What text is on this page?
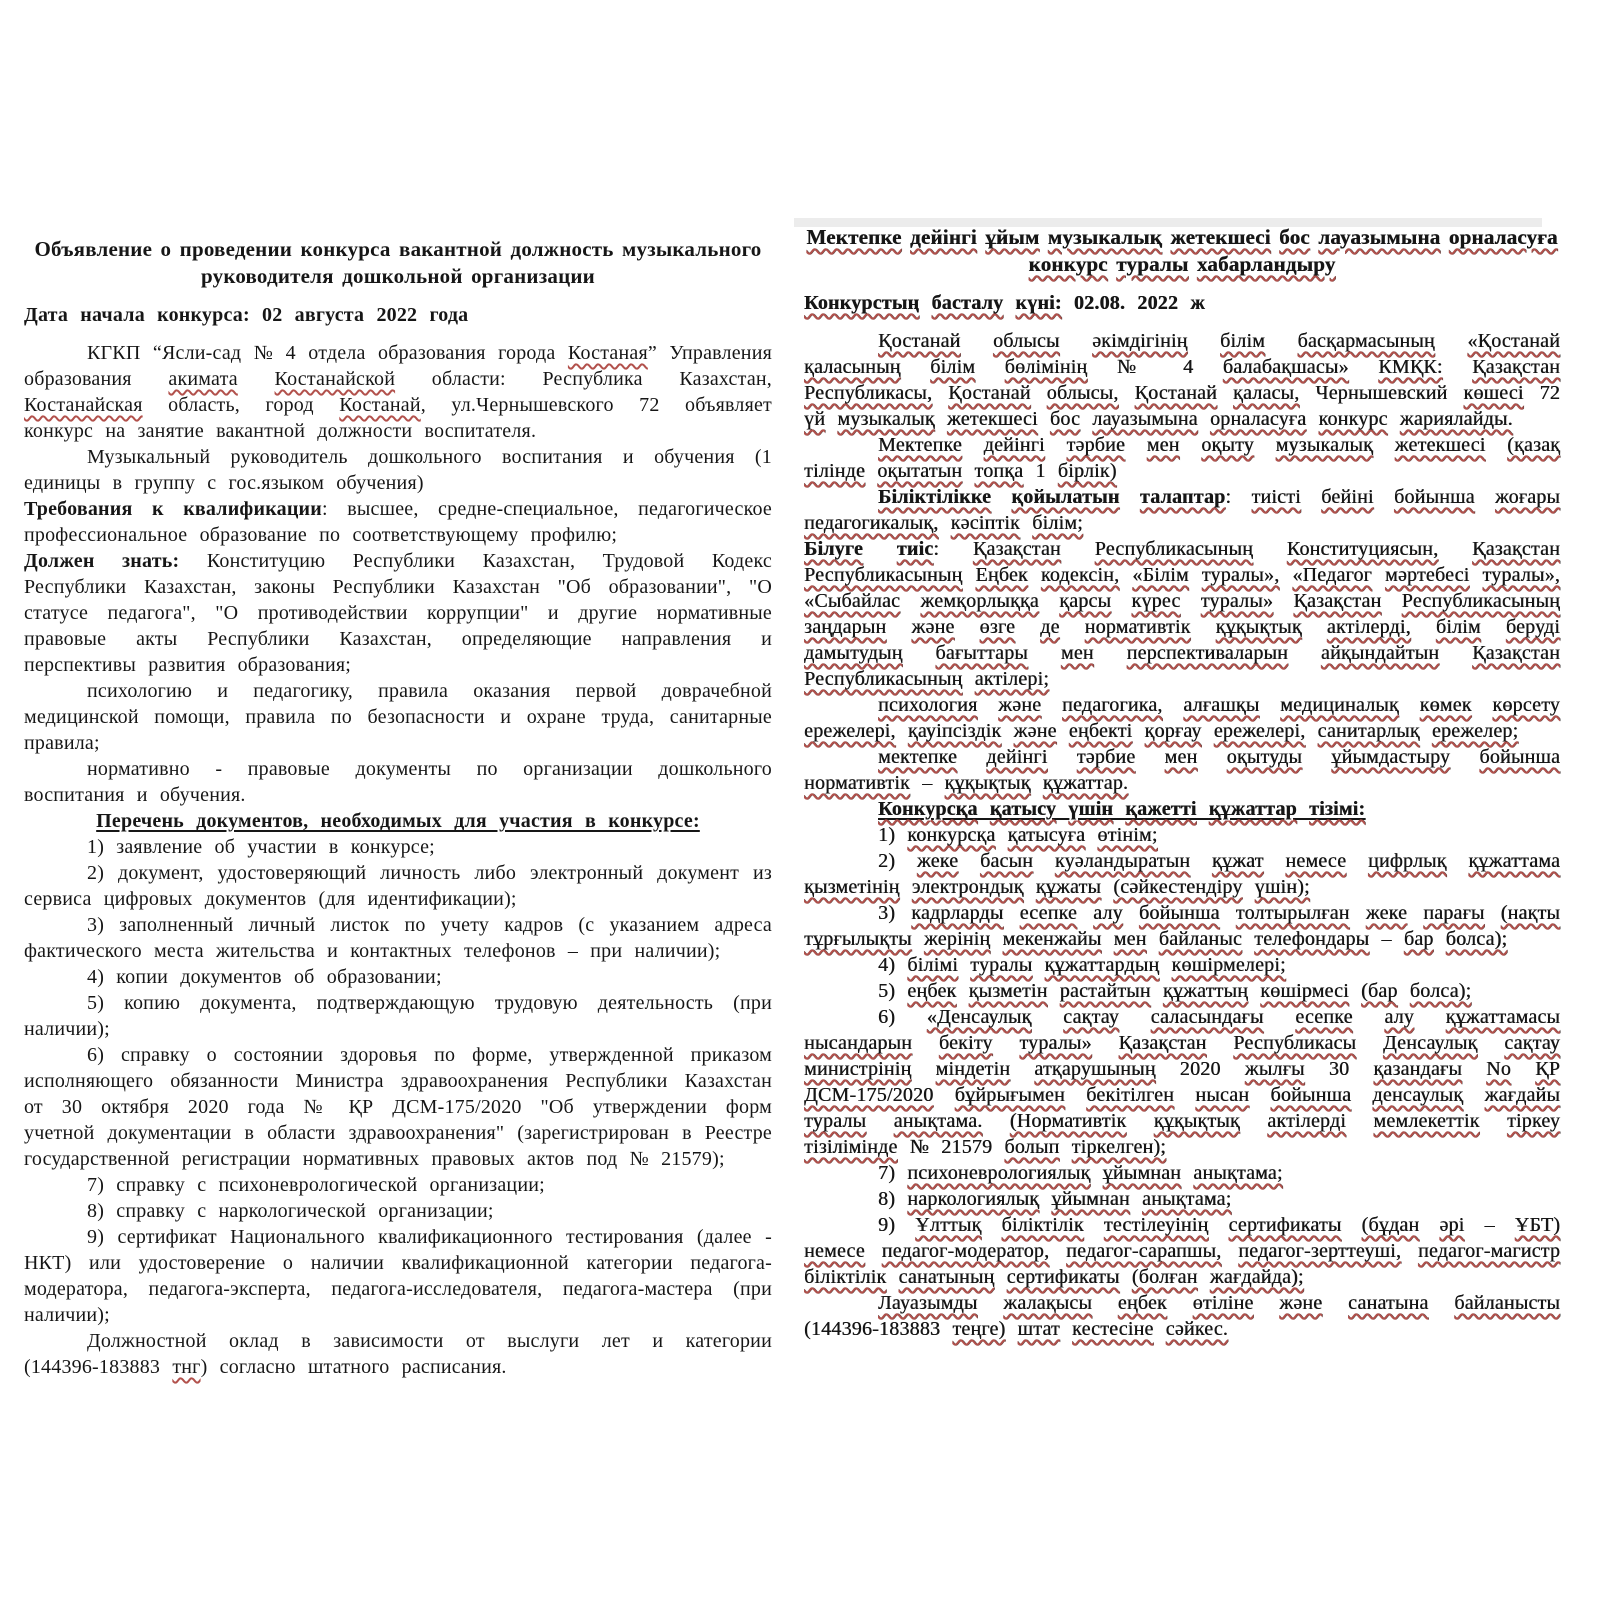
Объявление о проведении конкурса вакантной должность музыкального руководителя дошкольной организации

Дата начала конкурса: 02 августа 2022 года

КГКП “Ясли-сад № 4 отдела образования города Костаная” Управления образования акимата Костанайской области: Республика Казахстан, Костанайская область, город Костанай, ул.Чернышевского 72 объявляет конкурс на занятие вакантной должности воспитателя.

Музыкальный руководитель дошкольного воспитания и обучения (1 единицы в группу с гос.языком обучения)

Требования к квалификации: высшее, средне-специальное, педагогическое профессиональное образование по соответствующему профилю;

Должен знать: Конституцию Республики Казахстан, Трудовой Кодекс Республики Казахстан, законы Республики Казахстан "Об образовании", "О статусе педагога", "О противодействии коррупции" и другие нормативные правовые акты Республики Казахстан, определяющие направления и перспективы развития образования;

психологию и педагогику, правила оказания первой доврачебной медицинской помощи, правила по безопасности и охране труда, санитарные правила;

нормативно - правовые документы по организации дошкольного воспитания и обучения.

Перечень документов, необходимых для участия в конкурсе:

1) заявление об участии в конкурсе;

2) документ, удостоверяющий личность либо электронный документ из сервиса цифровых документов (для идентификации);

3) заполненный личный листок по учету кадров (с указанием адреса фактического места жительства и контактных телефонов – при наличии);

4) копии документов об образовании;

5) копию документа, подтверждающую трудовую деятельность (при наличии);

6) справку о состоянии здоровья по форме, утвержденной приказом исполняющего обязанности Министра здравоохранения Республики Казахстан от 30 октября 2020 года № ҚР ДСМ-175/2020 "Об утверждении форм учетной документации в области здравоохранения" (зарегистрирован в Реестре государственной регистрации нормативных правовых актов под № 21579);

7) справку с психоневрологической организации;

8) справку с наркологической организации;

9) сертификат Национального квалификационного тестирования (далее - НКТ) или удостоверение о наличии квалификационной категории педагога-модератора, педагога-эксперта, педагога-исследователя, педагога-мастера (при наличии);

Должностной оклад в зависимости от выслуги лет и категории (144396-183883 тнг) согласно штатного расписания.

Мектепке дейінгі ұйым музыкалық жетекшесі бос лауазымына орналасуға конкурс туралы хабарландыру

Конкурстың басталу күні: 02.08. 2022 ж

Қостанай облысы әкімдігінің білім басқармасының «Қостанай қаласының білім бөлімінің № 4 балабақшасы» КМҚК: Қазақстан Республикасы, Қостанай облысы, Қостанай қаласы, Чернышевский көшесі 72 үй музыкалық жетекшесі бос лауазымына орналасуға конкурс жариялайды.

Мектепке дейінгі тәрбие мен оқыту музыкалық жетекшесі (қазақ тілінде оқытатын топқа 1 бірлік)

Біліктілікке қойылатын талаптар: тиісті бейіні бойынша жоғары педагогикалық, кәсіптік білім;

Білуге тиіс: Қазақстан Республикасының Конституциясын, Қазақстан Республикасының Еңбек кодексін, «Білім туралы», «Педагог мәртебесі туралы», «Сыбайлас жемқорлыққа қарсы күрес туралы» Қазақстан Республикасының заңдарын және өзге де нормативтік құқықтық актілерді, білім беруді дамытудың бағыттары мен перспективаларын айқындайтын Қазақстан Республикасының актілері;

психология және педагогика, алғашқы медициналық көмек көрсету ережелері, қауіпсіздік және еңбекті қорғау ережелері, санитарлық ережелер;

мектепке дейінгі тәрбие мен оқытуды ұйымдастыру бойынша нормативтік – құқықтық құжаттар.

Конкурсқа қатысу үшін қажетті құжаттар тізімі:

1) конкурсқа қатысуға өтінім;

2) жеке басын куәландыратын құжат немесе цифрлық құжаттама қызметінің электрондық құжаты (сәйкестендіру үшін);

3) кадрларды есепке алу бойынша толтырылған жеке парағы (нақты тұрғылықты жерінің мекенжайы мен байланыс телефондары – бар болса);

4) білімі туралы құжаттардың көшірмелері;

5) еңбек қызметін растайтын құжаттың көшірмесі (бар болса);

6) «Денсаулық сақтау саласындағы есепке алу құжаттамасы нысандарын бекіту туралы» Қазақстан Республикасы Денсаулық сақтау министрінің міндетін атқарушының 2020 жылғы 30 қазандағы No ҚР ДСМ-175/2020 бұйрығымен бекітілген нысан бойынша денсаулық жағдайы туралы анықтама. (Нормативтік құқықтық актілерді мемлекеттік тіркеу тізілімінде № 21579 болып тіркелген);

7) психоневрологиялық ұйымнан анықтама;

8) наркологиялық ұйымнан анықтама;

9) Ұлттық біліктілік тестілеуінің сертификаты (бұдан әрі – ҰБТ) немесе педагог-модератор, педагог-сарапшы, педагог-зерттеуші, педагог-магистр біліктілік санатының сертификаты (болған жағдайда);

Лауазымды жалақысы еңбек өтіліне және санатына байланысты (144396-183883 теңге) штат кестесіне сәйкес.
